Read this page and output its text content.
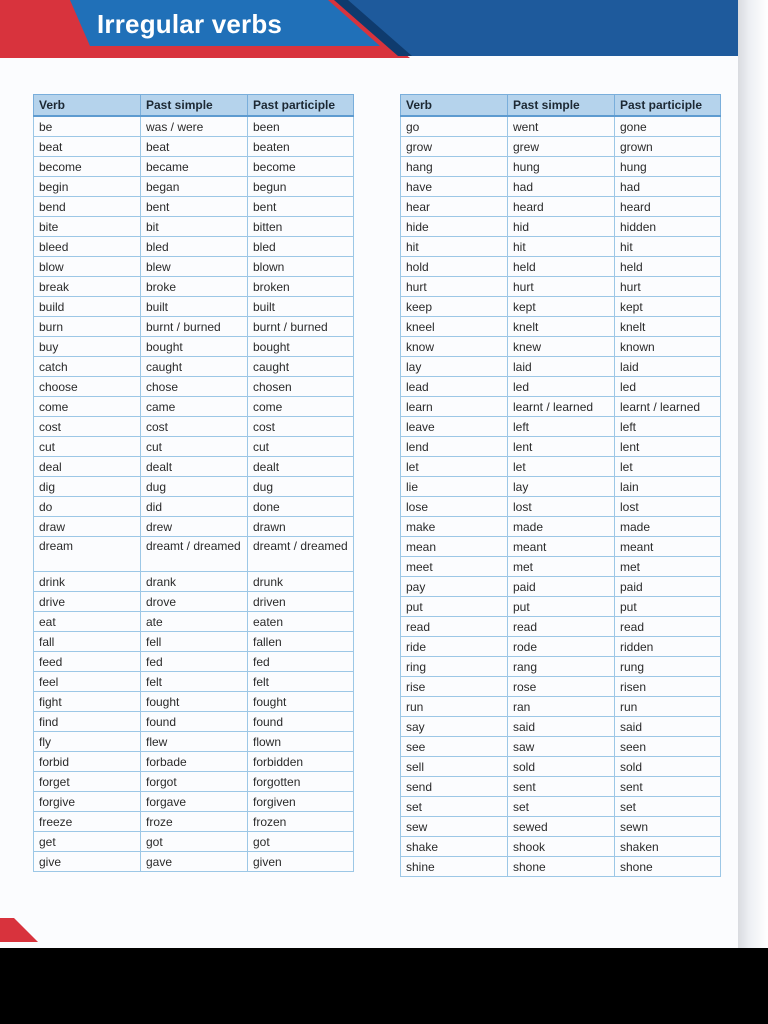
Irregular verbs
Verb	Past simple	Past participle
be	was / were	been
beat	beat	beaten
become	became	become
begin	began	begun
bend	bent	bent
bite	bit	bitten
bleed	bled	bled
blow	blew	blown
break	broke	broken
build	built	built
burn	burnt / burned	burnt / burned
buy	bought	bought
catch	caught	caught
choose	chose	chosen
come	came	come
cost	cost	cost
cut	cut	cut
deal	dealt	dealt
dig	dug	dug
do	did	done
draw	drew	drawn
dream	dreamt / dreamed	dreamt / dreamed
drink	drank	drunk
drive	drove	driven
eat	ate	eaten
fall	fell	fallen
feed	fed	fed
feel	felt	felt
fight	fought	fought
find	found	found
fly	flew	flown
forbid	forbade	forbidden
forget	forgot	forgotten
forgive	forgave	forgiven
freeze	froze	frozen
get	got	got
give	gave	given
Verb	Past simple	Past participle
go	went	gone
grow	grew	grown
hang	hung	hung
have	had	had
hear	heard	heard
hide	hid	hidden
hit	hit	hit
hold	held	held
hurt	hurt	hurt
keep	kept	kept
kneel	knelt	knelt
know	knew	known
lay	laid	laid
lead	led	led
learn	learnt / learned	learnt / learned
leave	left	left
lend	lent	lent
let	let	let
lie	lay	lain
lose	lost	lost
make	made	made
mean	meant	meant
meet	met	met
pay	paid	paid
put	put	put
read	read	read
ride	rode	ridden
ring	rang	rung
rise	rose	risen
run	ran	run
say	said	said
see	saw	seen
sell	sold	sold
send	sent	sent
set	set	set
sew	sewed	sewn
shake	shook	shaken
shine	shone	shone
